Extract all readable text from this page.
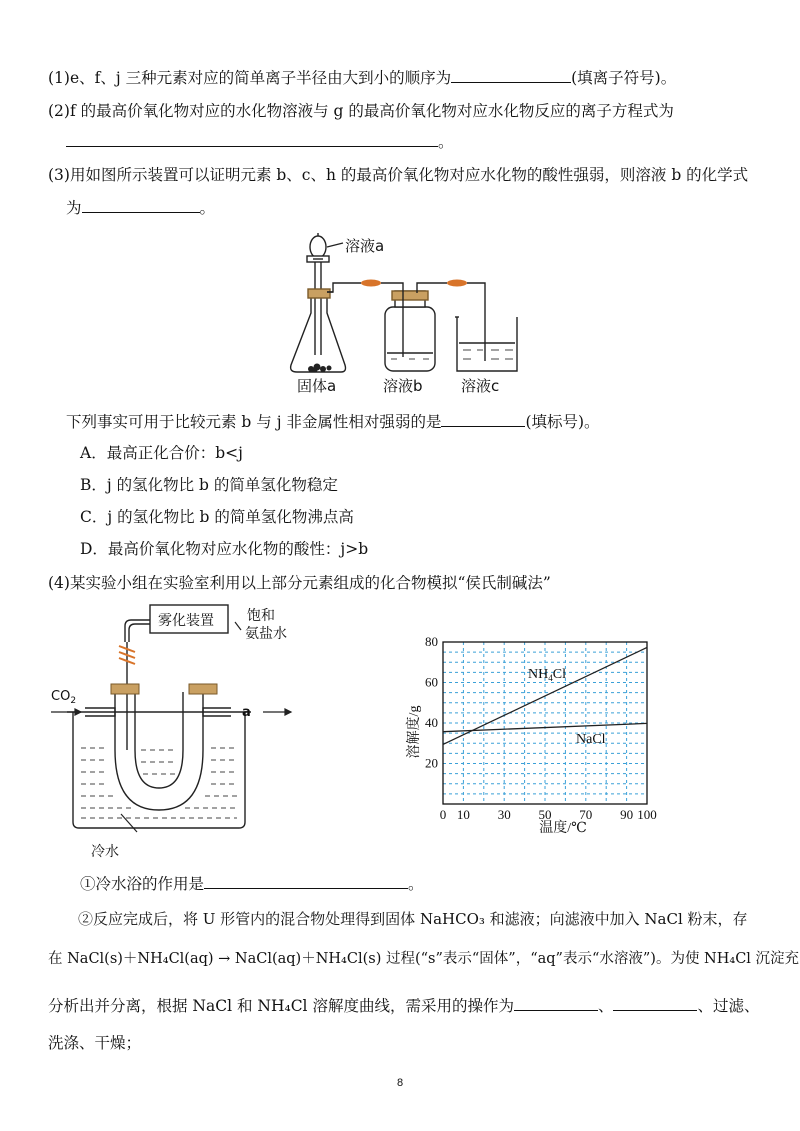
(1)e、f、j 三种元素对应的简单离子半径由大到小的顺序为	(填离子符号)。
(2)f 的最高价氧化物对应的水化物溶液与 g 的最高价氧化物对应水化物反应的离子方程式为
。
(3)用如图所示装置可以证明元素 b、c、h 的最高价氧化物对应水化物的酸性强弱，则溶液 b 的化学式
为	。
溶液a
固体a	溶液b	溶液c
下列事实可用于比较元素 b 与 j 非金属性相对强弱的是	(填标号)。
A．最高正化合价：b<j
B．j 的氢化物比 b 的简单氢化物稳定
C．j 的氢化物比 b 的简单氢化物沸点高
D．最高价氧化物对应水化物的酸性：j>b
(4)某实验小组在实验室利用以上部分元素组成的化合物模拟“侯氏制碱法”
雾化装置 饱和
氨盐水
$CO_2$
a
冷水
0 10 30 50 70 90 100
20
40
60
80
溶解度/g
温度/℃
$NH_4Cl$
NaCl
①冷水浴的作用是	。
②反应完成后，将 U 形管内的混合物处理得到固体 NaHCO₃ 和滤液；向滤液中加入 NaCl 粉末，存
在 NaCl(s)＋NH₄Cl(aq) → NaCl(aq)＋NH₄Cl(s) 过程(“s”表示“固体”，“aq”表示“水溶液”)。为使 NH₄Cl 沉淀充
分析出并分离，根据 NaCl 和 NH₄Cl 溶解度曲线，需采用的操作为	、	、过滤、
洗涤、干燥；
8
